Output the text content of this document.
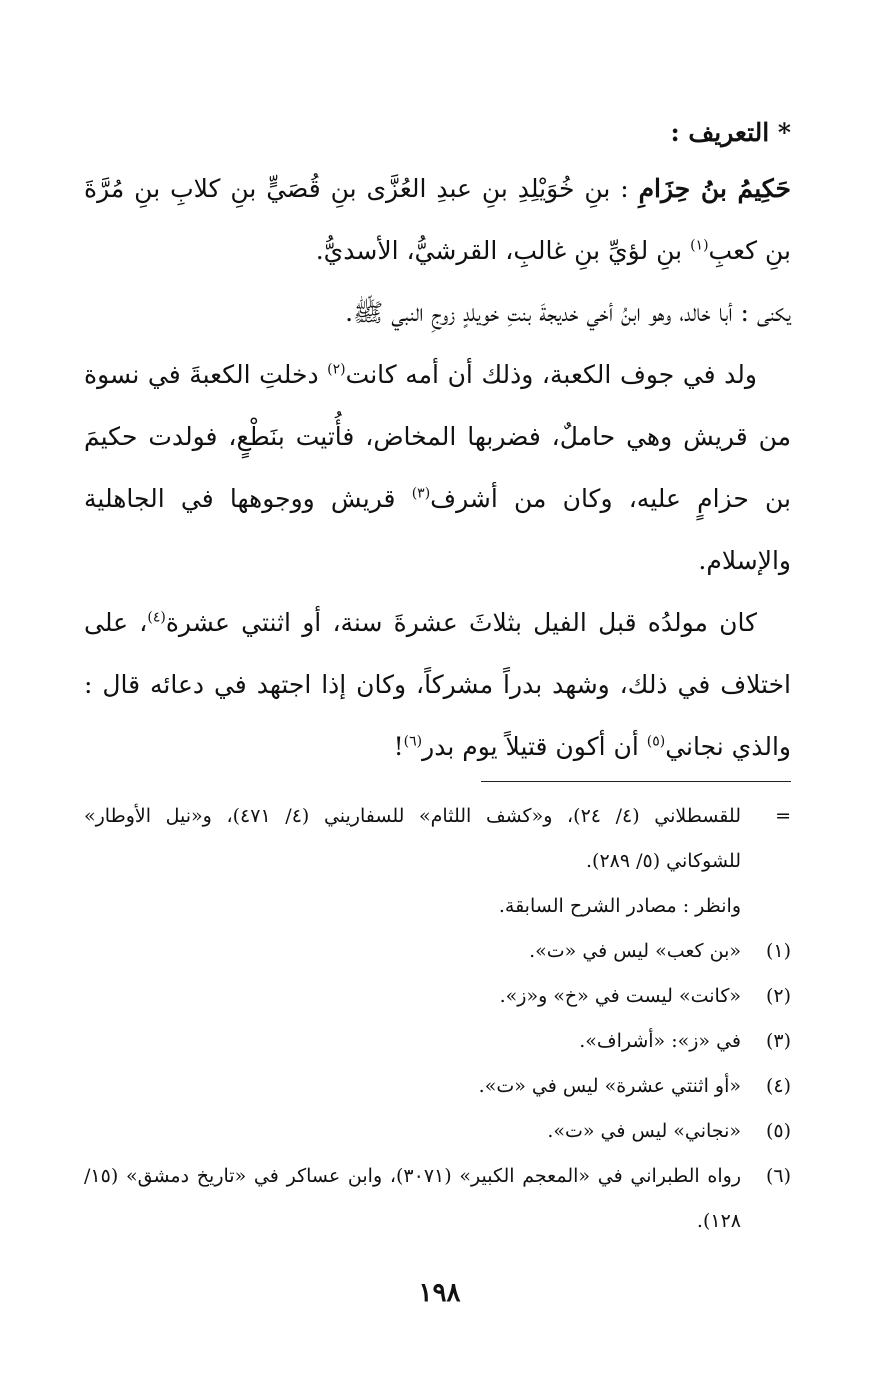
* التعريف :

حَكِيمُ بنُ حِزَامِ : بنِ خُوَيْلِدِ بنِ عبدِ العُزَّى بنِ قُصَيٍّ بنِ كلابِ بنِ مُرَّةَ بنِ كعبِ$^{(١)}$ بنِ لؤيِّ بنِ غالبِ، القرشيُّ، الأسديُّ.

يكنى : أبا خالد، وهو ابنُ أخي خديجةَ بنتِ خويلدٍ زوجِ النبي ﷺ.

ولد في جوف الكعبة، وذلك أن أمه كانت$^{(٢)}$ دخلتِ الكعبةَ في نسوة من قريش وهي حاملٌ، فضربها المخاض، فأُتيت بنَطْعٍ، فولدت حكيمَ بن حزامٍ عليه، وكان من أشرف$^{(٣)}$ قريش ووجوهها في الجاهلية والإسلام.

كان مولدُه قبل الفيل بثلاثَ عشرةَ سنة، أو اثنتي عشرة$^{(٤)}$، على اختلاف في ذلك، وشهد بدراً مشركاً، وكان إذا اجتهد في دعائه قال : والذي نجاني$^{(٥)}$ أن أكون قتيلاً يوم بدر$^{(٦)}$!

=
للقسطلاني (٤/ ٢٤)، و«كشف اللثام» للسفاريني (٤/ ٤٧١)، و«نيل الأوطار» للشوكاني (٥/ ٢٨٩).
وانظر : مصادر الشرح السابقة.
(١)
«بن كعب» ليس في «ت».
(٢)
«كانت» ليست في «خ» و«ز».
(٣)
في «ز»: «أشراف».
(٤)
«أو اثنتي عشرة» ليس في «ت».
(٥)
«نجاني» ليس في «ت».
(٦)
رواه الطبراني في «المعجم الكبير» (٣٠٧١)، وابن عساكر في «تاريخ دمشق» (١٥/ ١٢٨).
١٩٨
